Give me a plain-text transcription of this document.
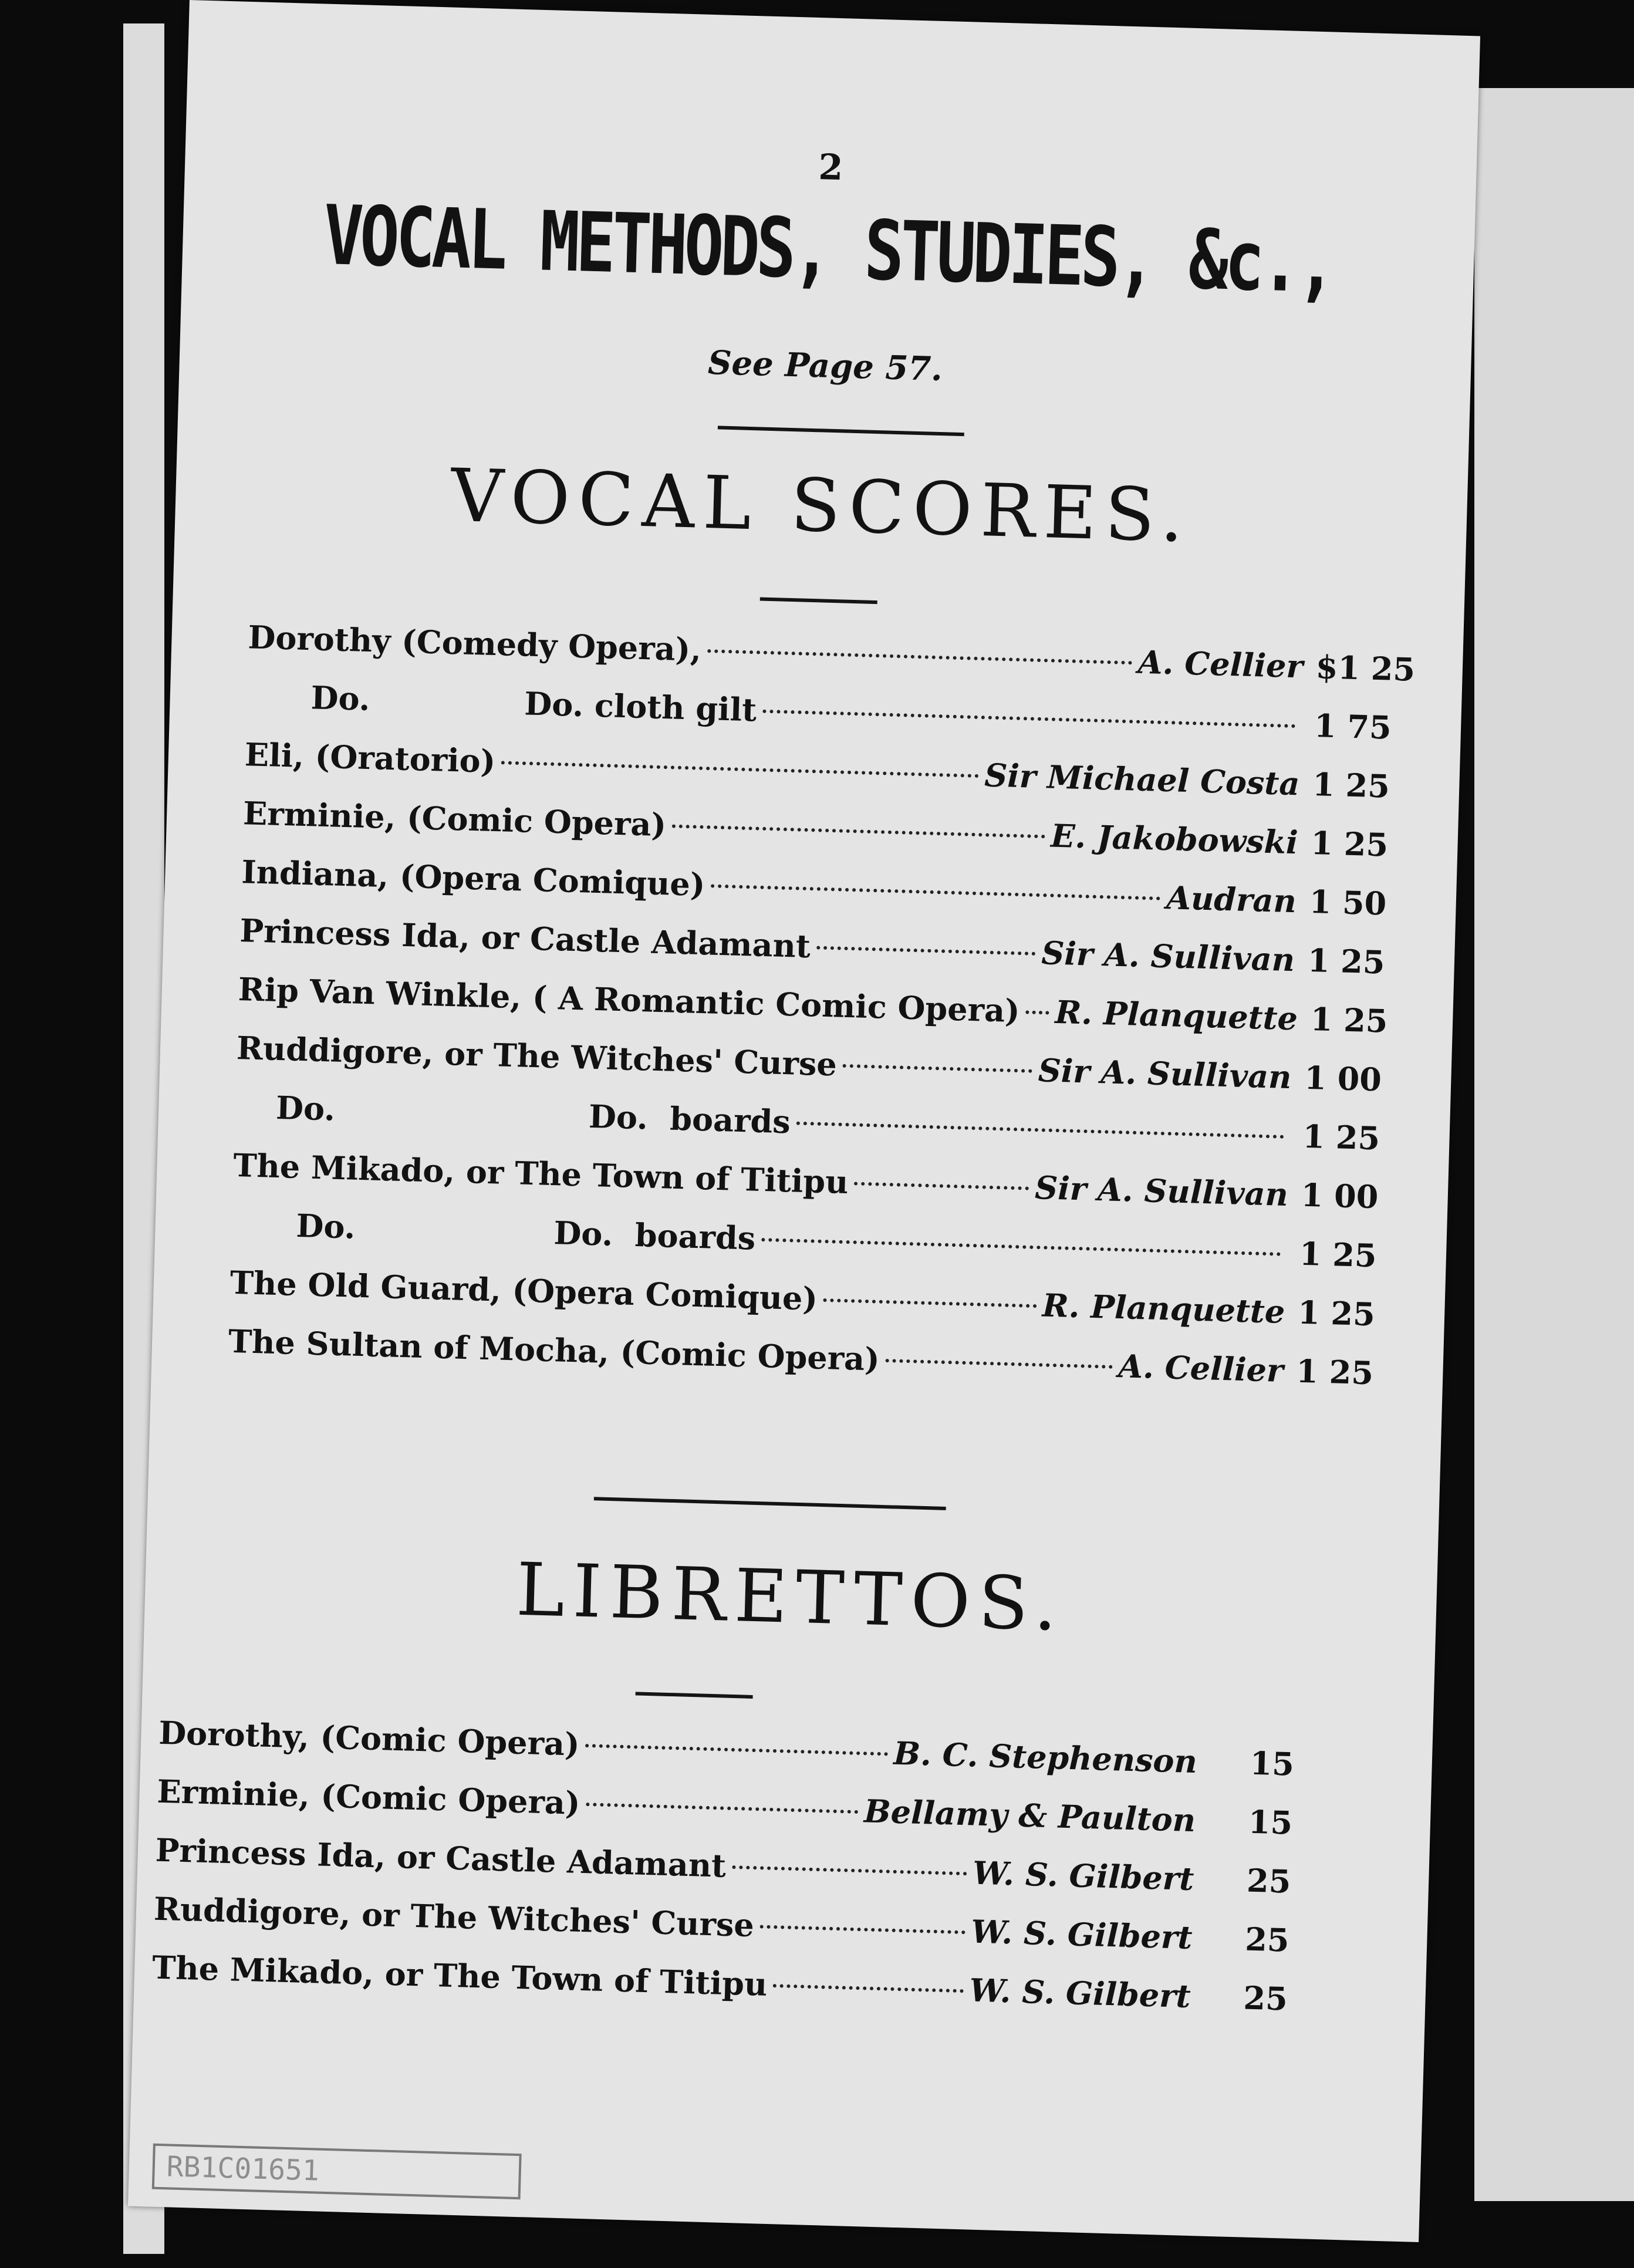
2
VOCAL METHODS, STUDIES, &c.,
See Page 57.
VOCAL SCORES.
Dorothy (Comedy Opera),	A. Cellier $1 25
Do.              Do. cloth gilt	1 75
Eli, (Oratorio)	Sir Michael Costa 1 25
Erminie, (Comic Opera)	E. Jakobowski 1 25
Indiana, (Opera Comique)	Audran 1 50
Princess Ida, or Castle Adamant	Sir A. Sullivan 1 25
Rip Van Winkle, ( A Romantic Comic Opera) R. Planquette 1 25
Ruddigore, or The Witches' Curse	Sir A. Sullivan 1 00
Do.                       Do.  boards	1 25
The Mikado, or The Town of Titipu	Sir A. Sullivan 1 00
Do.                  Do.  boards	1 25
The Old Guard, (Opera Comique)	R. Planquette 1 25
The Sultan of Mocha, (Comic Opera)	A. Cellier 1 25
LIBRETTOS.
Dorothy, (Comic Opera)	B. C. Stephenson 15
Erminie, (Comic Opera)	Bellamy & Paulton 15
Princess Ida, or Castle Adamant	W. S. Gilbert 25
Ruddigore, or The Witches' Curse	W. S. Gilbert 25
The Mikado, or The Town of Titipu	W. S. Gilbert 25
RB1C01651
